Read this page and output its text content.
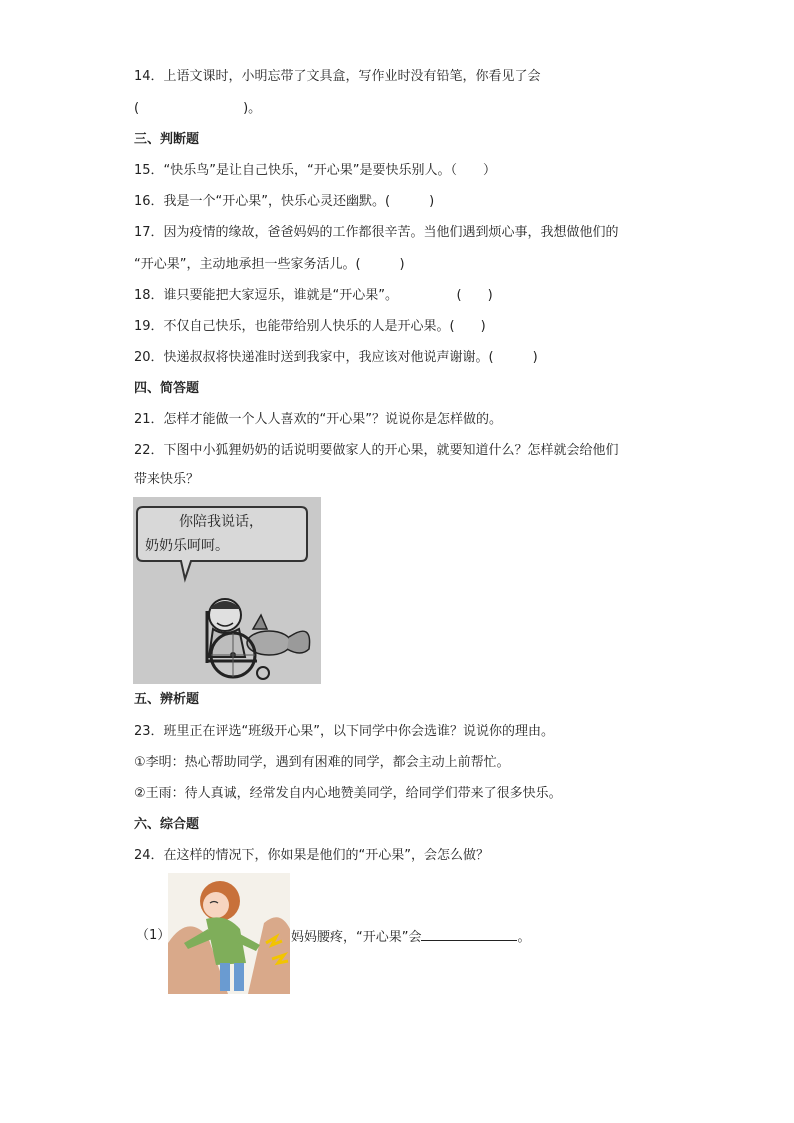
14．上语文课时，小明忘带了文具盒，写作业时没有铅笔，你看见了会
(　　　　　　　　)。
三、判断题
15．“快乐鸟”是让自己快乐，“开心果”是要快乐别人。（　　）
16．我是一个“开心果”，快乐心灵还幽默。(　　　)
17．因为疫情的缘故，爸爸妈妈的工作都很辛苦。当他们遇到烦心事，我想做他们的
“开心果”，主动地承担一些家务活儿。(　　　)
18．谁只要能把大家逗乐，谁就是“开心果”。　　　　　(　　)
19．不仅自己快乐，也能带给别人快乐的人是开心果。(　　)
20．快递叔叔将快递准时送到我家中，我应该对他说声谢谢。(　　　)
四、简答题
21．怎样才能做一个人人喜欢的“开心果”？说说你是怎样做的。
22．下图中小狐狸奶奶的话说明要做家人的开心果，就要知道什么？怎样就会给他们
带来快乐？
你陪我说话，
奶奶乐呵呵。
五、辨析题
23．班里正在评选“班级开心果”，以下同学中你会选谁？说说你的理由。
①李明：热心帮助同学，遇到有困难的同学，都会主动上前帮忙。
②王雨：待人真诚，经常发自内心地赞美同学，给同学们带来了很多快乐。
六、综合题
24．在这样的情况下，你如果是他们的“开心果”，会怎么做？
（1）	妈妈腰疼，“开心果”会	。
